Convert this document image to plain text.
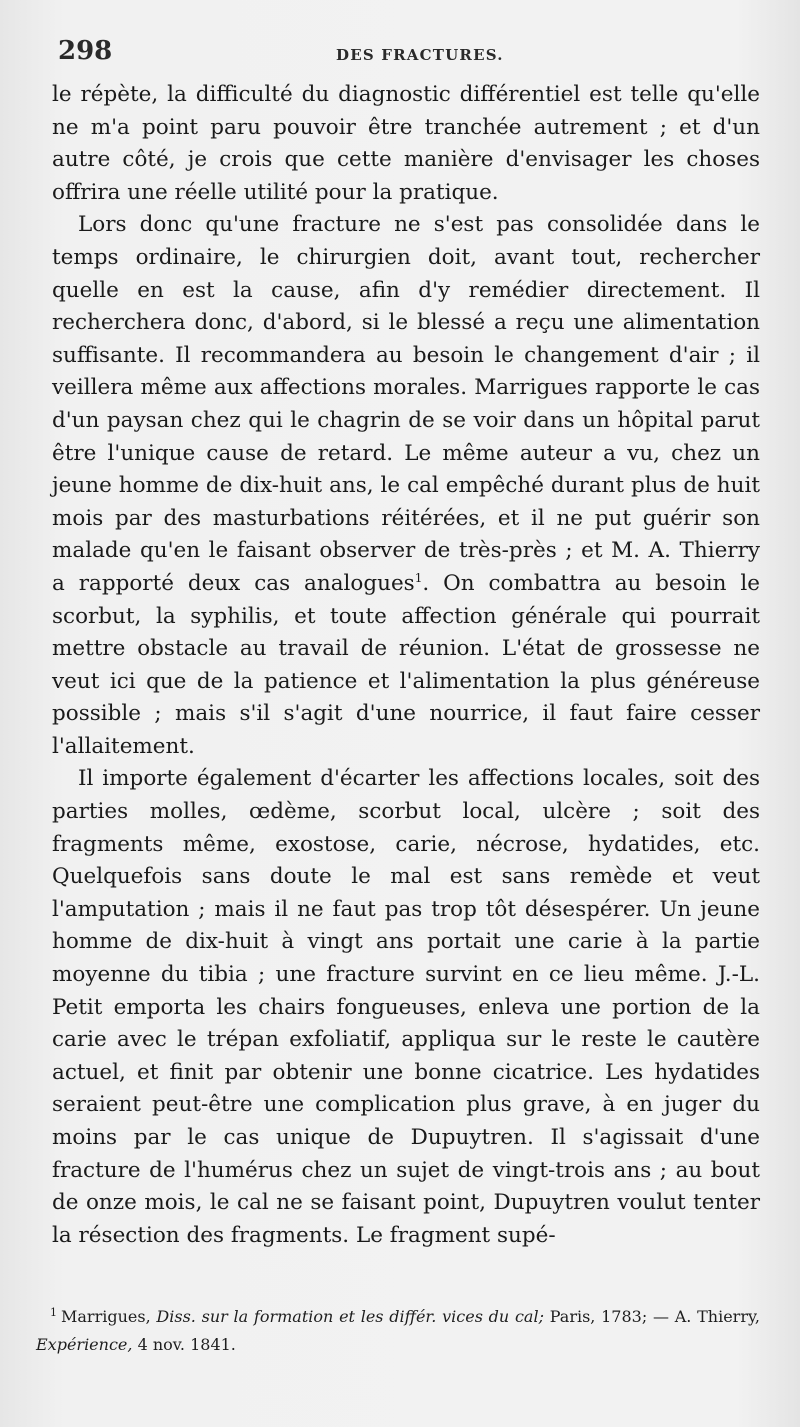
298	DES FRACTURES.

le répète, la difficulté du diagnostic différentiel est telle qu'elle ne m'a point paru pouvoir être tranchée autrement ; et d'un autre côté, je crois que cette manière d'envisager les choses offrira une réelle utilité pour la pratique.

Lors donc qu'une fracture ne s'est pas consolidée dans le temps ordinaire, le chirurgien doit, avant tout, rechercher quelle en est la cause, afin d'y remédier directement. Il recherchera donc, d'abord, si le blessé a reçu une alimentation suffisante. Il recommandera au besoin le changement d'air ; il veillera même aux affections morales. Marrigues rapporte le cas d'un paysan chez qui le chagrin de se voir dans un hôpital parut être l'unique cause de retard. Le même auteur a vu, chez un jeune homme de dix-huit ans, le cal empêché durant plus de huit mois par des masturbations réitérées, et il ne put guérir son malade qu'en le faisant observer de très-près ; et M. A. Thierry a rapporté deux cas analogues$^1$. On combattra au besoin le scorbut, la syphilis, et toute affection générale qui pourrait mettre obstacle au travail de réunion. L'état de grossesse ne veut ici que de la patience et l'alimentation la plus généreuse possible ; mais s'il s'agit d'une nourrice, il faut faire cesser l'allaitement.

Il importe également d'écarter les affections locales, soit des parties molles, œdème, scorbut local, ulcère ; soit des fragments même, exostose, carie, nécrose, hydatides, etc. Quelquefois sans doute le mal est sans remède et veut l'amputation ; mais il ne faut pas trop tôt désespérer. Un jeune homme de dix-huit à vingt ans portait une carie à la partie moyenne du tibia ; une fracture survint en ce lieu même. J.-L. Petit emporta les chairs fongueuses, enleva une portion de la carie avec le trépan exfoliatif, appliqua sur le reste le cautère actuel, et finit par obtenir une bonne cicatrice. Les hydatides seraient peut-être une complication plus grave, à en juger du moins par le cas unique de Dupuytren. Il s'agissait d'une fracture de l'humérus chez un sujet de vingt-trois ans ; au bout de onze mois, le cal ne se faisant point, Dupuytren voulut tenter la résection des fragments. Le fragment supé-

$^1$ Marrigues, Diss. sur la formation et les différ. vices du cal; Paris, 1783; — A. Thierry, Expérience, 4 nov. 1841.
